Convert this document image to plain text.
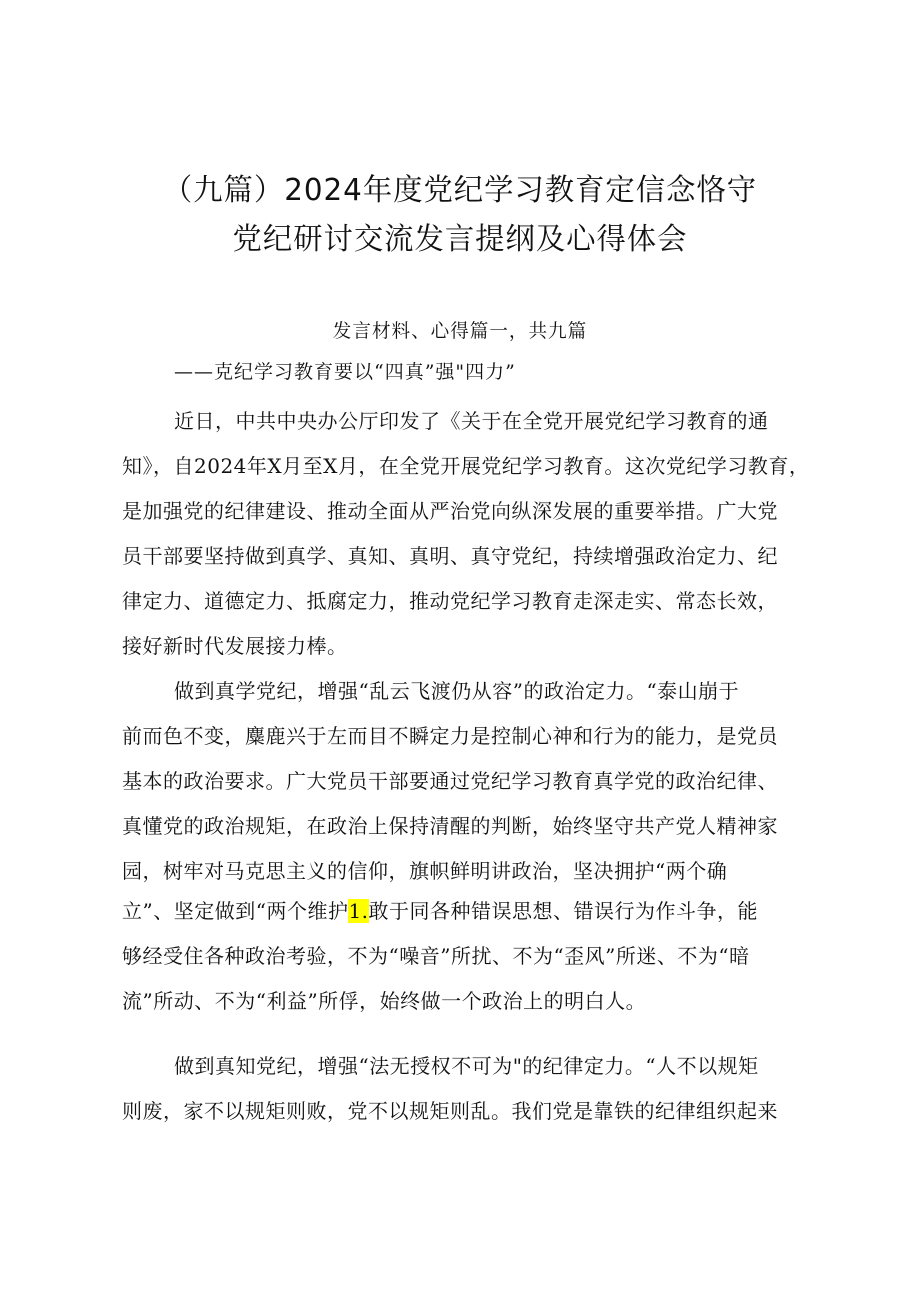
（九篇）2024年度党纪学习教育定信念恪守
党纪研讨交流发言提纲及心得体会
发言材料、心得篇一，共九篇
——克纪学习教育要以“四真”强"四力”
近日，中共中央办公厅印发了《关于在全党开展党纪学习教育的通
知》，自2024年X月至X月，在全党开展党纪学习教育。这次党纪学习教育，
是加强党的纪律建设、推动全面从严治党向纵深发展的重要举措。广大党
员干部要坚持做到真学、真知、真明、真守党纪，持续增强政治定力、纪
律定力、道德定力、抵腐定力，推动党纪学习教育走深走实、常态长效，
接好新时代发展接力棒。
做到真学党纪，增强“乱云飞渡仍从容”的政治定力。“泰山崩于
前而色不变，麋鹿兴于左而目不瞬定力是控制心神和行为的能力，是党员
基本的政治要求。广大党员干部要通过党纪学习教育真学党的政治纪律、
真懂党的政治规矩，在政治上保持清醒的判断，始终坚守共产党人精神家
园，树牢对马克思主义的信仰，旗帜鲜明讲政治，坚决拥护“两个确
立”、坚定做到“两个维护1.敢于同各种错误思想、错误行为作斗争，能
够经受住各种政治考验，不为“噪音”所扰、不为“歪风”所迷、不为“暗
流”所动、不为“利益”所俘，始终做一个政治上的明白人。
做到真知党纪，增强“法无授权不可为"的纪律定力。“人不以规矩
则废，家不以规矩则败，党不以规矩则乱。我们党是靠铁的纪律组织起来
